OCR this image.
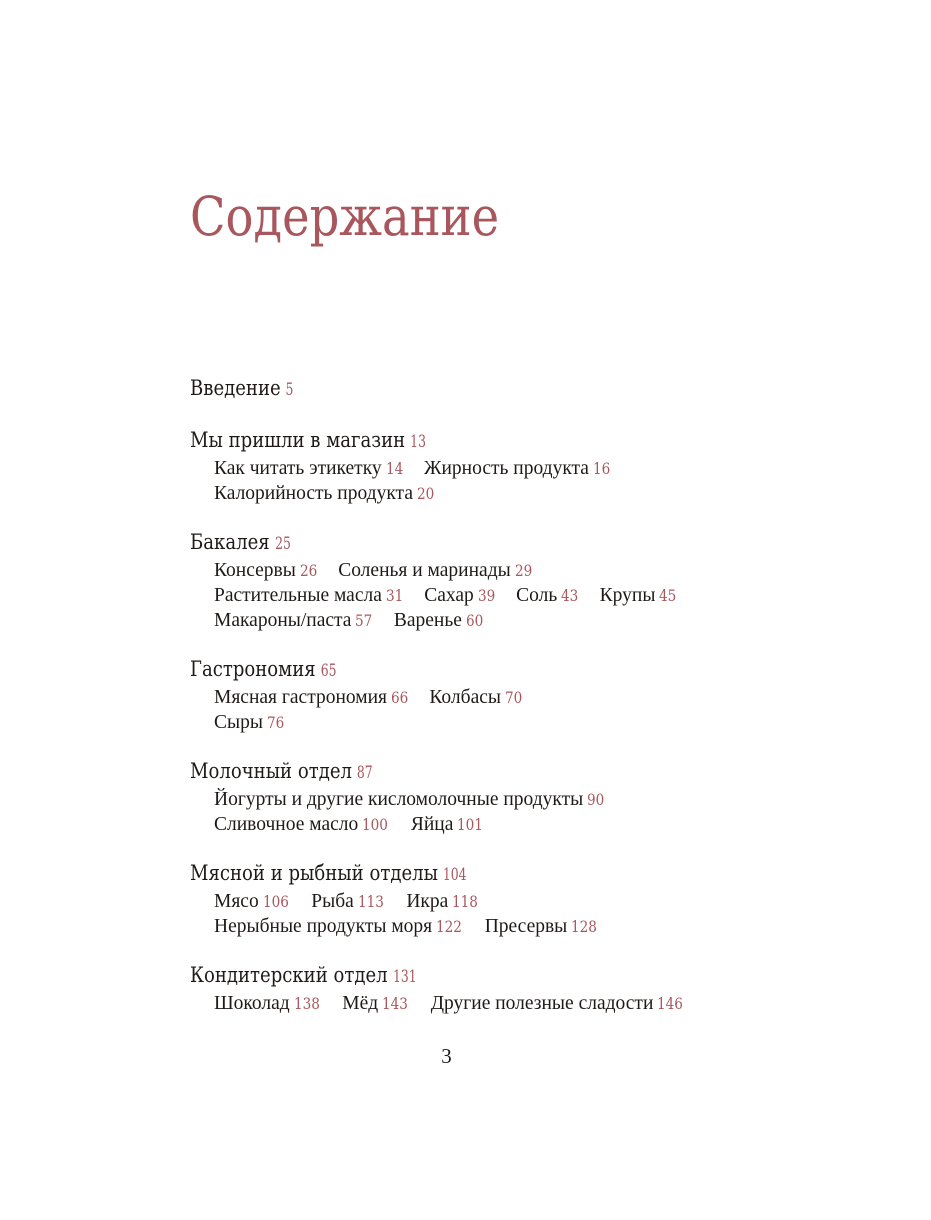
Содержание
Введение 5
Мы пришли в магазин 13
Как читать этикетку 14 Жирность продукта 16
Калорийность продукта 20
Бакалея 25
Консервы 26 Соленья и маринады 29
Растительные масла 31 Сахар 39 Соль 43 Крупы 45
Макароны/паста 57 Варенье 60
Гастрономия 65
Мясная гастрономия 66 Колбасы 70
Сыры 76
Молочный отдел 87
Йогурты и другие кисломолочные продукты 90
Сливочное масло 100 Яйца 101
Мясной и рыбный отделы 104
Мясо 106 Рыба 113 Икра 118
Нерыбные продукты моря 122 Пресервы 128
Кондитерский отдел 131
Шоколад 138 Мёд 143 Другие полезные сладости 146
3
